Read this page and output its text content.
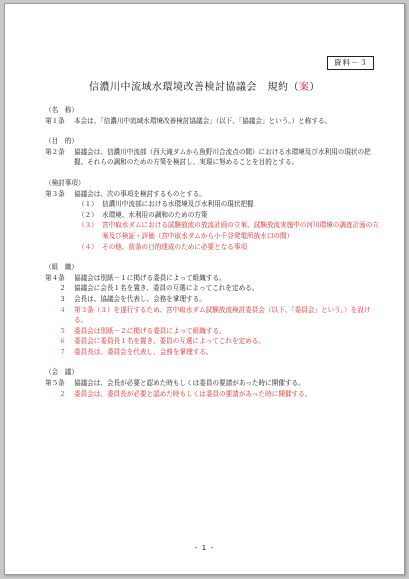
資料－３
信濃川中流域水環境改善検討協議会　規約（案）
（名　称）
第１条	本会は、「信濃川中流域水環境改善検討協議会」（以下、「協議会」という。）と称する。
（目　的）
第２条	協議会は、信濃川中流部（西大滝ダムから魚野川合流点の間）における水環境及び水利用の現状の把握、それらの調和のための方策を検討し、実現に努めることを目的とする。
（検討事項）
第３条	協議会は、次の事項を検討するものとする。
（１） 信濃川中流部における水環境及び水利用の現状把握
（２） 水環境、水利用の調和のための方策
（３） 宮中取水ダムにおける試験放流の放流計画の立案、試験放流実施中の河川環境の調査計画の立案及び検証・評価（宮中取水ダムから小千谷発電所放水口の間）
（４） その他、前条の目的達成のために必要となる事項
（組　織）
第４条	協議会は別紙－１に掲げる委員によって組織する。
２	協議会に会長１名を置き、委員の互選によってこれを定める。
３	会長は、協議会を代表し、会務を掌理する。
４	第３条（３）を遂行するため、宮中取水ダム試験放流検討委員会（以下、「委員会」という。）を設ける。
５	委員会は別紙－２に掲げる委員によって組織する。
６	委員会に委員長１名を置き、委員の互選によってこれを定める。
７	委員長は、委員会を代表し、会務を掌理する。
（会　議）
第５条	協議会は、会長が必要と認めた時もしくは委員の要請があった時に開催する。
２	委員会は、委員長が必要と認めた時もしくは委員の要請があった時に開催する。
- 1 -
